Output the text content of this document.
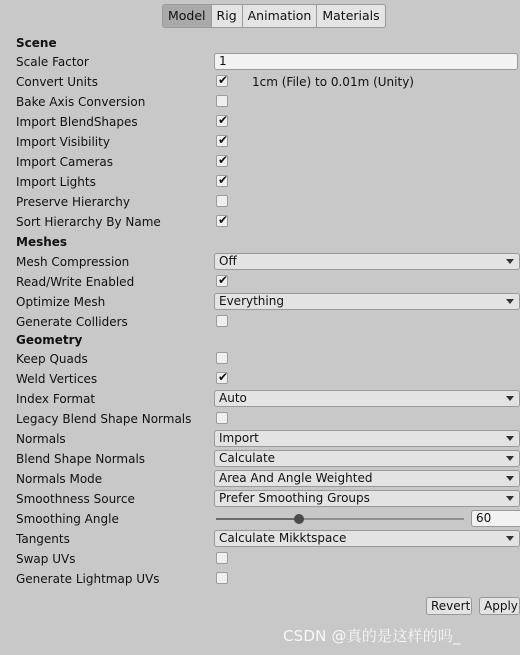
Model Rig Animation Materials
Scene
Scale Factor	1
Convert Units	✔ 1cm (File) to 0.01m (Unity)
Bake Axis Conversion
Import BlendShapes	✔
Import Visibility	✔
Import Cameras	✔
Import Lights	✔
Preserve Hierarchy
Sort Hierarchy By Name	✔
Meshes
Mesh Compression	Off
Read/Write Enabled	✔
Optimize Mesh	Everything
Generate Colliders
Geometry
Keep Quads
Weld Vertices	✔
Index Format	Auto
Legacy Blend Shape Normals
Normals	Import
Blend Shape Normals	Calculate
Normals Mode	Area And Angle Weighted
Smoothness Source	Prefer Smoothing Groups
Smoothing Angle	60
Tangents	Calculate Mikktspace
Swap UVs
Generate Lightmap UVs
Revert	Apply
CSDN @真的是这样的吗_
